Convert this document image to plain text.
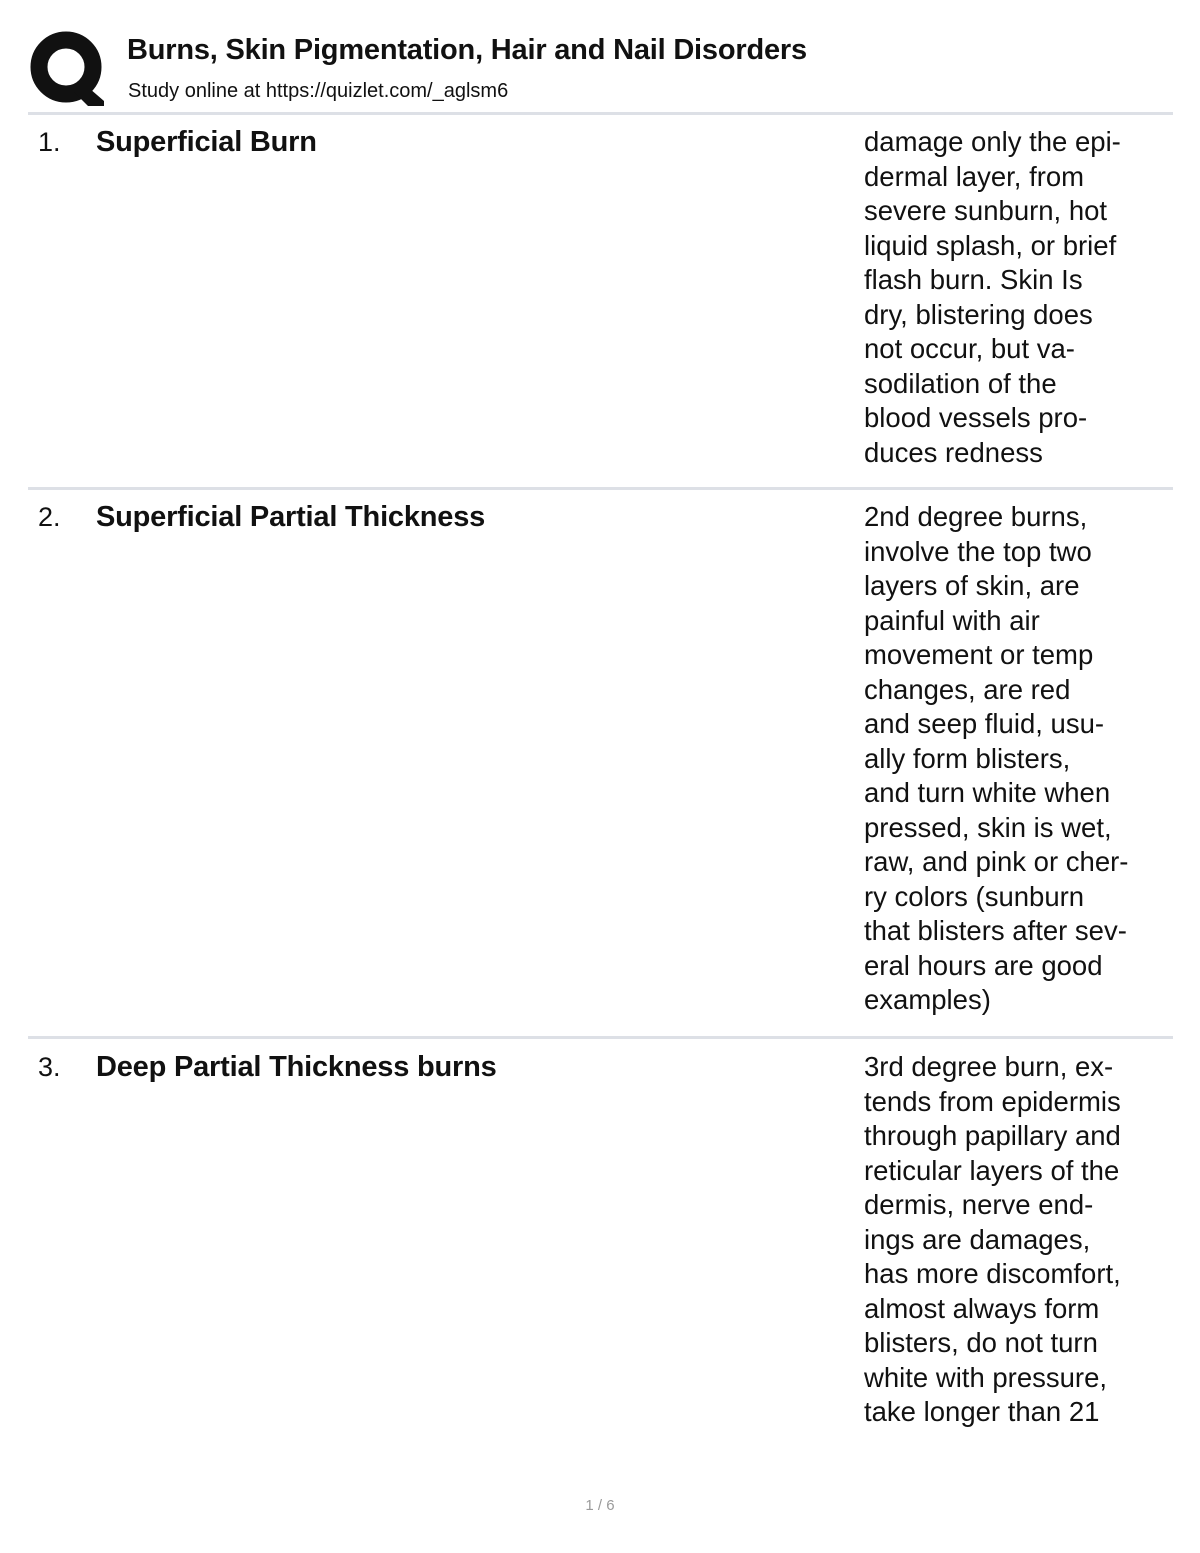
Burns, Skin Pigmentation, Hair and Nail Disorders
Study online at https://quizlet.com/_aglsm6
1. Superficial Burn	damage only the epi-
dermal layer, from
severe sunburn, hot
liquid splash, or brief
flash burn. Skin Is
dry, blistering does
not occur, but va-
sodilation of the
blood vessels pro-
duces redness
2. Superficial Partial Thickness	2nd degree burns,
involve the top two
layers of skin, are
painful with air
movement or temp
changes, are red
and seep fluid, usu-
ally form blisters,
and turn white when
pressed, skin is wet,
raw, and pink or cher-
ry colors (sunburn
that blisters after sev-
eral hours are good
examples)
3. Deep Partial Thickness burns	3rd degree burn, ex-
tends from epidermis
through papillary and
reticular layers of the
dermis, nerve end-
ings are damages,
has more discomfort,
almost always form
blisters, do not turn
white with pressure,
take longer than 21
1 / 6
